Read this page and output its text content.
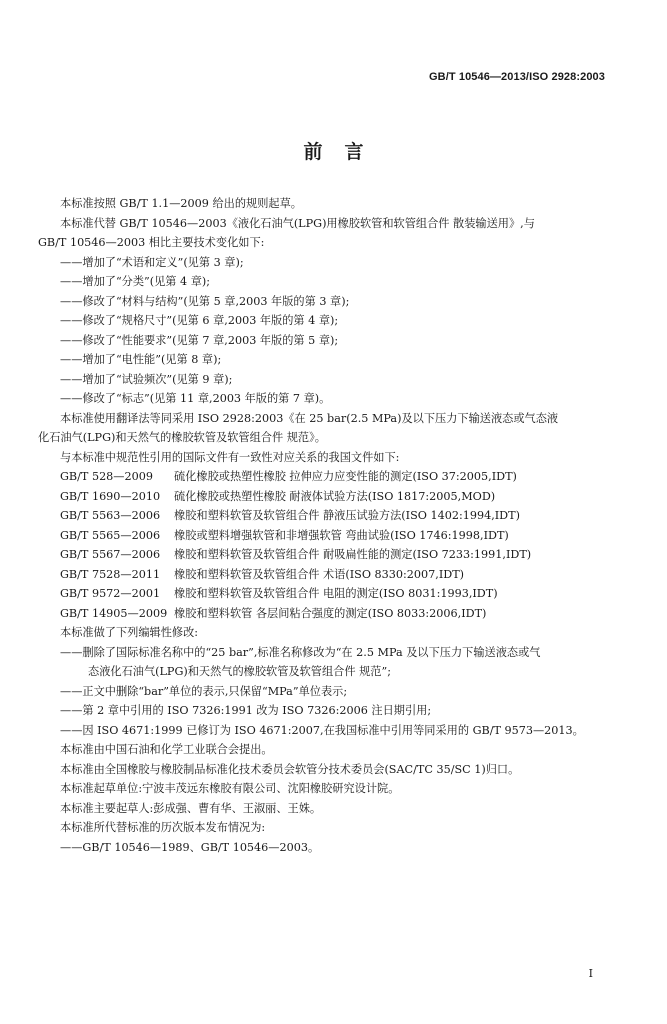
GB/T 10546—2013/ISO 2928:2003
前言
本标准按照 GB/T 1.1—2009 给出的规则起草。
本标准代替 GB/T 10546—2003《液化石油气(LPG)用橡胶软管和软管组合件 散装输送用》,与
GB/T 10546—2003 相比主要技术变化如下:
——增加了“术语和定义”(见第 3 章);
——增加了“分类”(见第 4 章);
——修改了“材料与结构”(见第 5 章,2003 年版的第 3 章);
——修改了“规格尺寸”(见第 6 章,2003 年版的第 4 章);
——修改了“性能要求”(见第 7 章,2003 年版的第 5 章);
——增加了“电性能”(见第 8 章);
——增加了“试验频次”(见第 9 章);
——修改了“标志”(见第 11 章,2003 年版的第 7 章)。
本标准使用翻译法等同采用 ISO 2928:2003《在 25 bar(2.5 MPa)及以下压力下输送液态或气态液
化石油气(LPG)和天然气的橡胶软管及软管组合件 规范》。
与本标准中规范性引用的国际文件有一致性对应关系的我国文件如下:
GB/T 528—2009	硫化橡胶或热塑性橡胶 拉伸应力应变性能的测定(ISO 37:2005,IDT)
GB/T 1690—2010	硫化橡胶或热塑性橡胶 耐液体试验方法(ISO 1817:2005,MOD)
GB/T 5563—2006	橡胶和塑料软管及软管组合件 静液压试验方法(ISO 1402:1994,IDT)
GB/T 5565—2006	橡胶或塑料增强软管和非增强软管 弯曲试验(ISO 1746:1998,IDT)
GB/T 5567—2006	橡胶和塑料软管及软管组合件 耐吸扁性能的测定(ISO 7233:1991,IDT)
GB/T 7528—2011	橡胶和塑料软管及软管组合件 术语(ISO 8330:2007,IDT)
GB/T 9572—2001	橡胶和塑料软管及软管组合件 电阻的测定(ISO 8031:1993,IDT)
GB/T 14905—2009 橡胶和塑料软管 各层间粘合强度的测定(ISO 8033:2006,IDT)
本标准做了下列编辑性修改:
——删除了国际标准名称中的“25 bar”,标准名称修改为“在 2.5 MPa 及以下压力下输送液态或气
态液化石油气(LPG)和天然气的橡胶软管及软管组合件 规范”;
——正文中删除“bar”单位的表示,只保留“MPa”单位表示;
——第 2 章中引用的 ISO 7326:1991 改为 ISO 7326:2006 注日期引用;
——因 ISO 4671:1999 已修订为 ISO 4671:2007,在我国标准中引用等同采用的 GB/T 9573—2013。
本标准由中国石油和化学工业联合会提出。
本标准由全国橡胶与橡胶制品标准化技术委员会软管分技术委员会(SAC/TC 35/SC 1)归口。
本标准起草单位:宁波丰茂远东橡胶有限公司、沈阳橡胶研究设计院。
本标准主要起草人:彭成强、曹有华、王淑丽、王姝。
本标准所代替标准的历次版本发布情况为:
——GB/T 10546—1989、GB/T 10546—2003。
I
